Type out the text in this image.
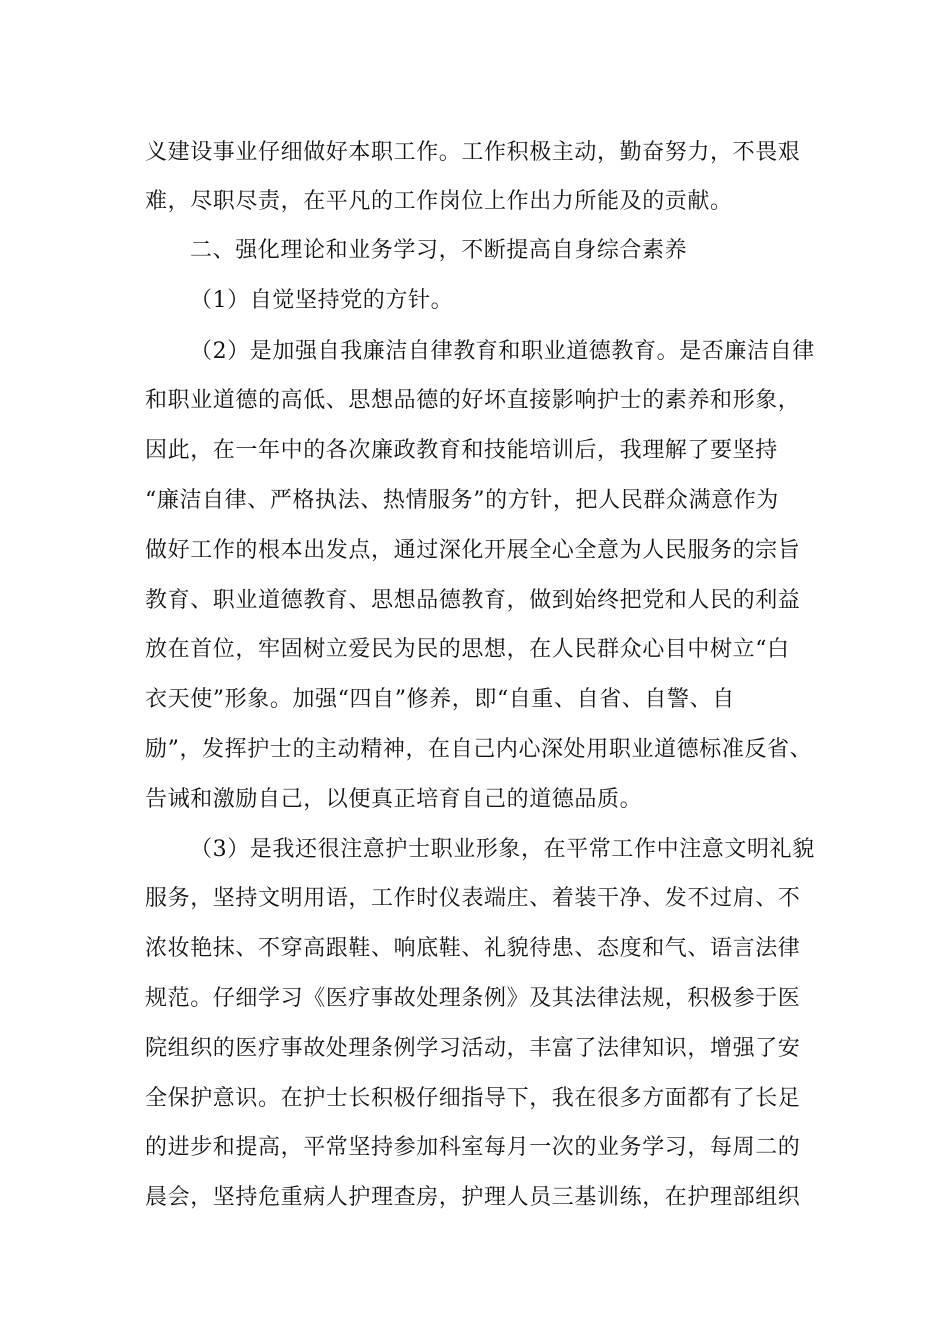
义建设事业仔细做好本职工作。工作积极主动，勤奋努力，不畏艰
难，尽职尽责，在平凡的工作岗位上作出力所能及的贡献。
二、强化理论和业务学习，不断提高自身综合素养
（1）自觉坚持党的方针。
（2）是加强自我廉洁自律教育和职业道德教育。是否廉洁自律
和职业道德的高低、思想品德的好坏直接影响护士的素养和形象，
因此，在一年中的各次廉政教育和技能培训后，我理解了要坚持
“廉洁自律、严格执法、热情服务”的方针，把人民群众满意作为
做好工作的根本出发点，通过深化开展全心全意为人民服务的宗旨
教育、职业道德教育、思想品德教育，做到始终把党和人民的利益
放在首位，牢固树立爱民为民的思想，在人民群众心目中树立“白
衣天使”形象。加强“四自”修养，即“自重、自省、自警、自
励”，发挥护士的主动精神，在自己内心深处用职业道德标准反省、
告诫和激励自己，以便真正培育自己的道德品质。
（3）是我还很注意护士职业形象，在平常工作中注意文明礼貌
服务，坚持文明用语，工作时仪表端庄、着装干净、发不过肩、不
浓妆艳抹、不穿高跟鞋、响底鞋、礼貌待患、态度和气、语言法律
规范。仔细学习《医疗事故处理条例》及其法律法规，积极参于医
院组织的医疗事故处理条例学习活动，丰富了法律知识，增强了安
全保护意识。在护士长积极仔细指导下，我在很多方面都有了长足
的进步和提高，平常坚持参加科室每月一次的业务学习，每周二的
晨会，坚持危重病人护理查房，护理人员三基训练，在护理部组织
